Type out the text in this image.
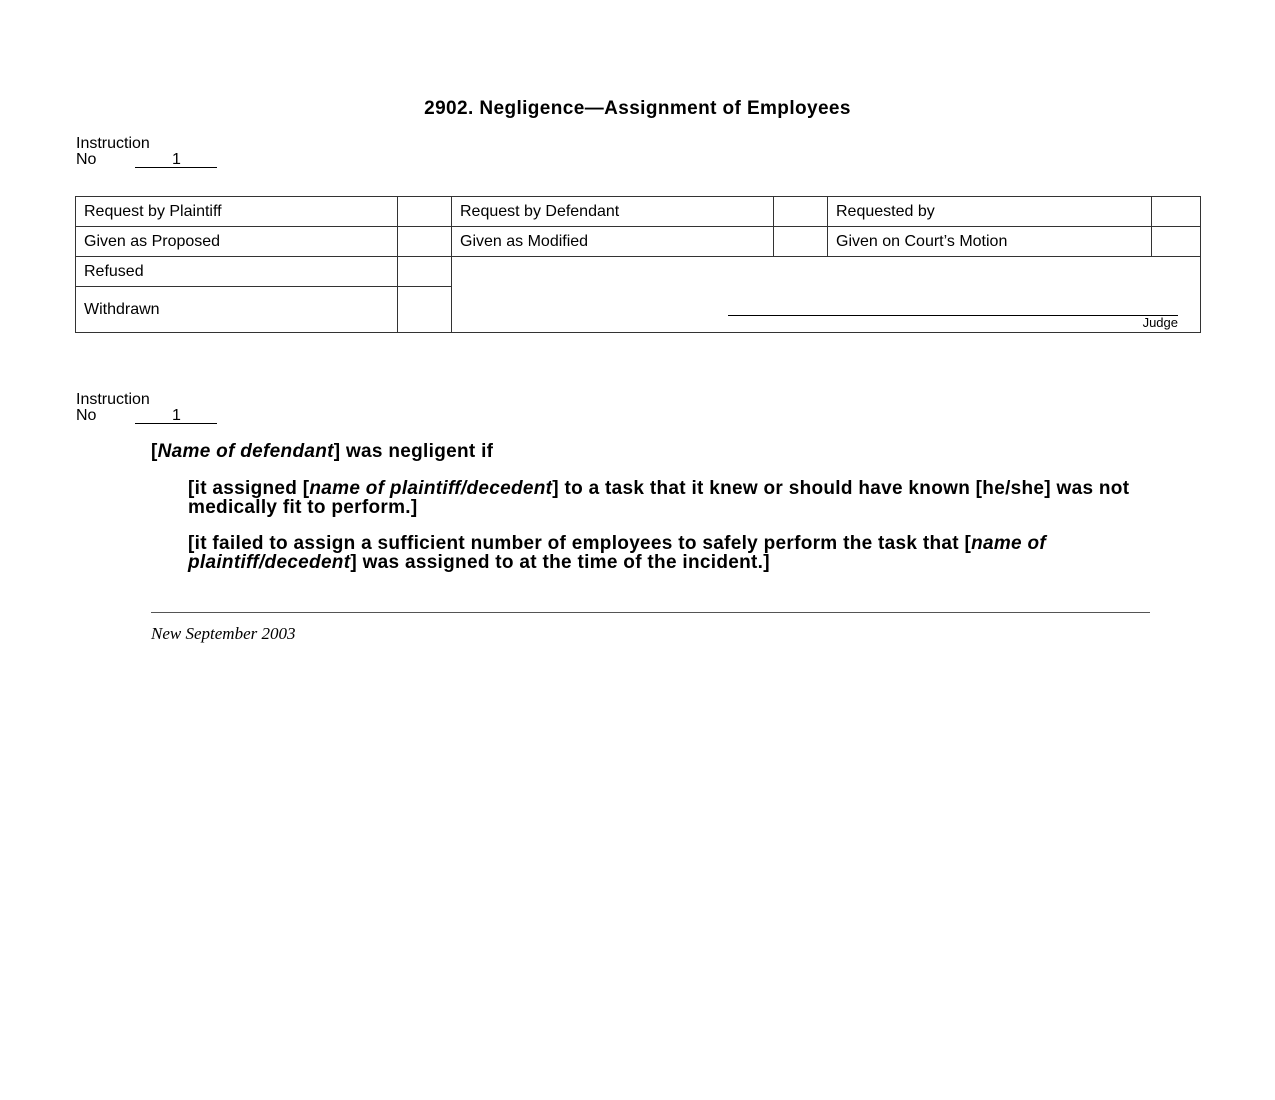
2902. Negligence—Assignment of Employees
Instruction
No	1
Request by Plaintiff		Request by Defendant		Requested by	
Given as Proposed		Given as Modified		Given on Court’s Motion	
Refused		Judge			

Withdrawn					
Instruction
No	1
[Name of defendant] was negligent if
[it assigned [name of plaintiff/decedent] to a task that it knew or should have known [he/she] was not medically fit to perform.]
[it failed to assign a sufficient number of employees to safely perform the task that [name of plaintiff/decedent] was assigned to at the time of the incident.]
New September 2003
